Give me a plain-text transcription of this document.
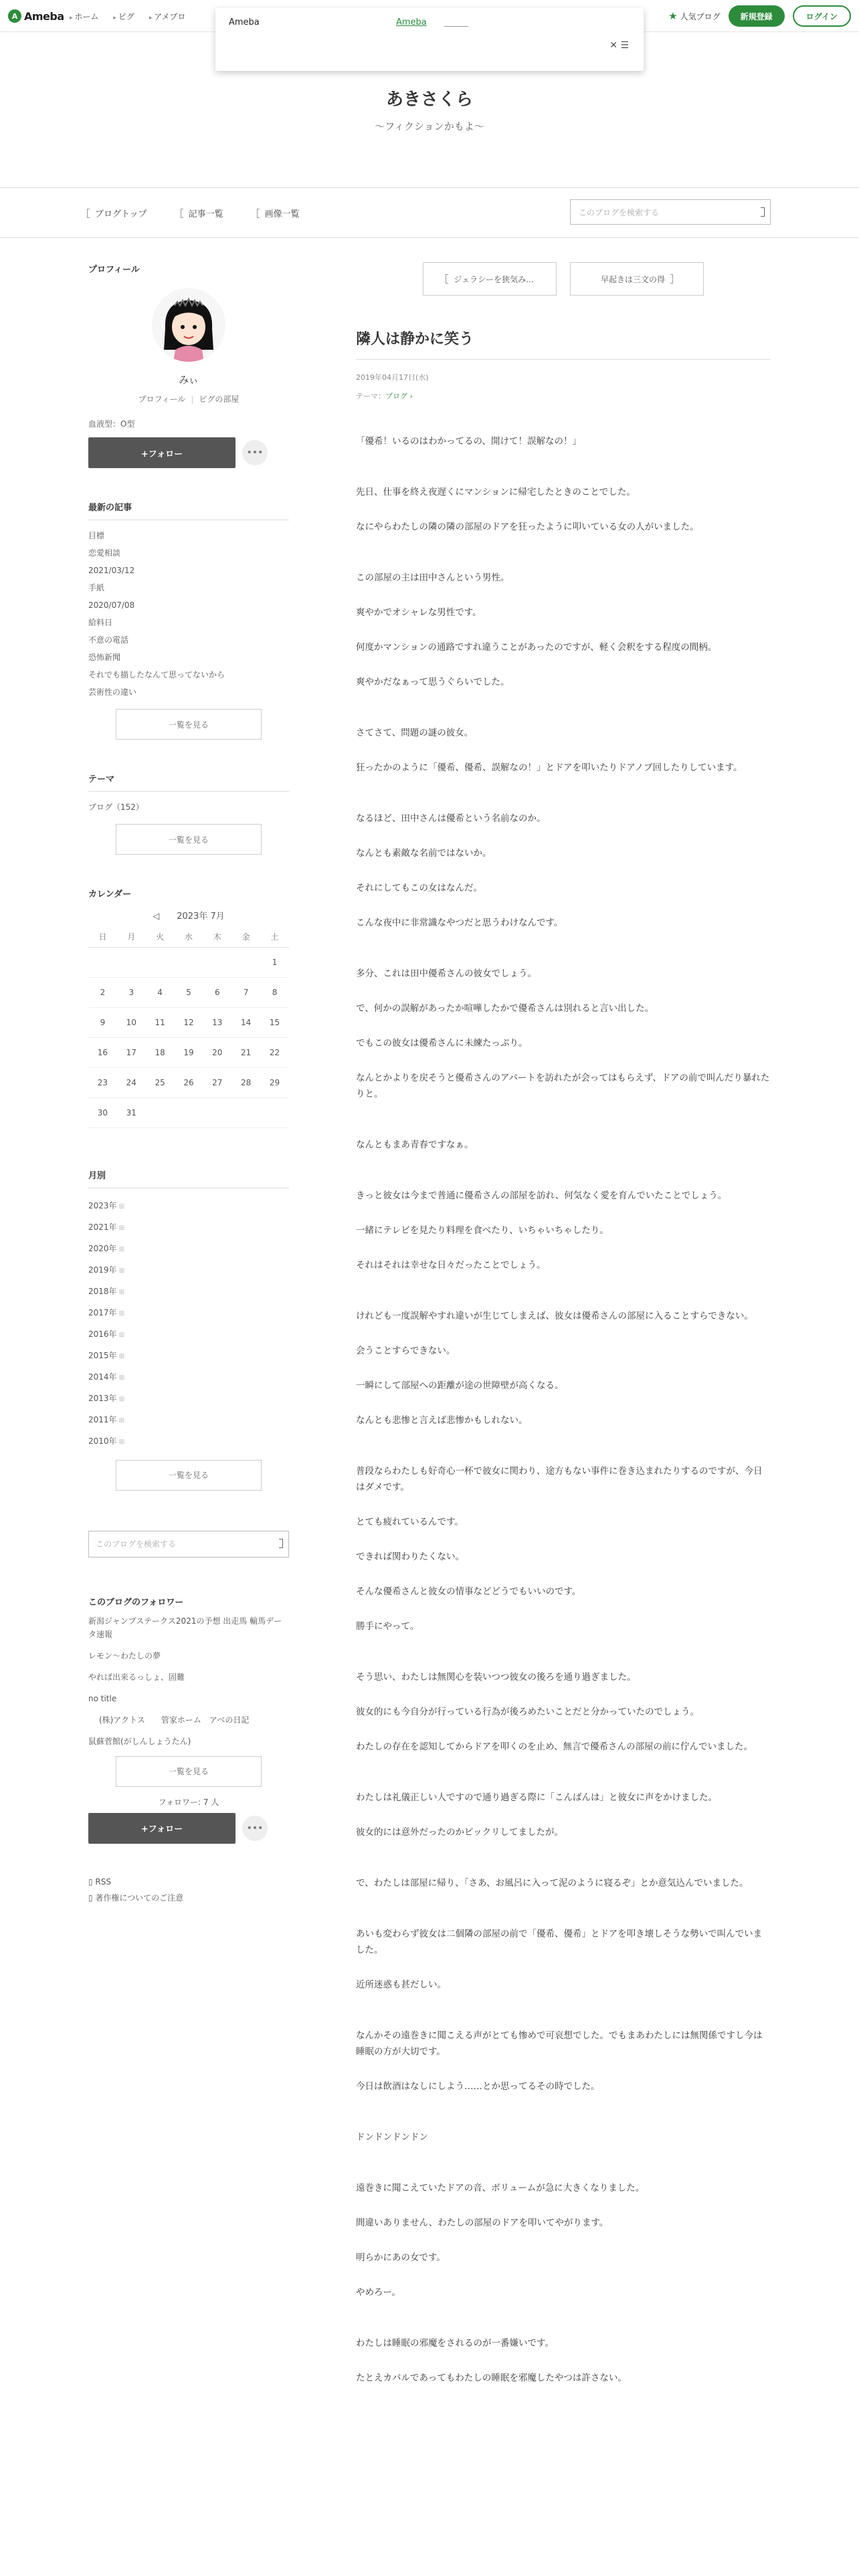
A Ameba	▸ ホーム	▸ ピグ	▸ アメブロ	★ 人気ブログ	新規登録	ログイン
Ameba	Ameba
✕ ☰
あきさくら
〜フィクションかもよ〜
ブログトップ	記事一覧	画像一覧	このブログを検索する
プロフィール
みぃ
プロフィール | ピグの部屋
血液型：O型
+フォロー	•••
最新の記事
目標
恋愛相談
2021/03/12
手紙
2020/07/08
給料日
不意の電話
恐怖新聞
それでも描したなんて思ってないから
芸術性の違い
一覧を見る
テーマ
ブログ（152）
一覧を見る
カレンダー
◁　　2023年 7月
日	月	火	水	木	金	土
						1
2	3	4	5	6	7	8
9	10	11	12	13	14	15
16	17	18	19	20	21	22
23	24	25	26	27	28	29
30	31					
月別
2023年 ⊞
2021年 ⊞
2020年 ⊞
2019年 ⊞
2018年 ⊞
2017年 ⊞
2016年 ⊞
2015年 ⊞
2014年 ⊞
2013年 ⊞
2011年 ⊞
2010年 ⊞
一覧を見る
このブログを検索する
このブログのフォロワー
新潟ジャンプステークス2021の予想 出走馬 輸馬データ速報
レモン〜わたしの夢
やれば出来るっしょ、固難
no title
(株)アクトス　　管家ホーム　アベの日記
鼠蘇菅館(がしんしょうたん)
一覧を見る
フォロワー: 7 人
+フォロー	•••
▯ RSS
▯ 著作権についてのご注意
ジェラシーを狭気み...	早起きは三文の得
隣人は静かに笑う
2019年04月17日(水)
テーマ：ブログ ›

「優希！いるのはわかってるの、開けて！誤解なの！」

先日、仕事を終え夜遅くにマンションに帰宅したときのことでした。

なにやらわたしの隣の隣の部屋のドアを狂ったように叩いている女の人がいました。

この部屋の主は田中さんという男性。

爽やかでオシャレな男性です。

何度かマンションの通路ですれ違うことがあったのですが、軽く会釈をする程度の間柄。

爽やかだなぁって思うぐらいでした。

さてさて、問題の謎の彼女。

狂ったかのように「優希、優希、誤解なの！」とドアを叩いたりドアノブ回したりしています。

なるほど、田中さんは優希という名前なのか。

なんとも素敵な名前ではないか。

それにしてもこの女はなんだ。

こんな夜中に非常識なやつだと思うわけなんです。

多分、これは田中優希さんの彼女でしょう。

で、何かの誤解があったか喧嘩したかで優希さんは別れると言い出した。

でもこの彼女は優希さんに未練たっぷり。

なんとかよりを戻そうと優希さんのアパートを訪れたが会ってはもらえず、ドアの前で叫んだり暴れたりと。

なんともまあ青春ですなぁ。

きっと彼女は今まで普通に優希さんの部屋を訪れ、何気なく愛を育んでいたことでしょう。

一緒にテレビを見たり料理を食べたり、いちゃいちゃしたり。

それはそれは幸せな日々だったことでしょう。

けれども一度誤解やすれ違いが生じてしまえば、彼女は優希さんの部屋に入ることすらできない。

会うことすらできない。

一瞬にして部屋への距離が途の世障壁が高くなる。

なんとも悲惨と言えば悲惨かもしれない。

普段ならわたしも好奇心一杯で彼女に関わり、途方もない事件に巻き込まれたりするのですが、今日はダメです。

とても疲れているんです。

できれば関わりたくない。

そんな優希さんと彼女の情事などどうでもいいのです。

勝手にやって。

そう思い、わたしは無関心を装いつつ彼女の後ろを通り過ぎました。

彼女的にも今自分が行っている行為が後ろめたいことだと分かっていたのでしょう。

わたしの存在を認知してからドアを叩くのを止め、無言で優希さんの部屋の前に佇んでいました。

わたしは礼儀正しい人ですので通り過ぎる際に「こんばんは」と彼女に声をかけました。

彼女的には意外だったのかビックリしてましたが。

で、わたしは部屋に帰り、「さあ、お風呂に入って泥のように寝るぞ」とか意気込んでいました。

あいも変わらず彼女は二個隣の部屋の前で「優希、優希」とドアを叩き壊しそうな勢いで叫んでいました。

近所迷惑も甚だしい。

なんかその遠巻きに聞こえる声がとても惨めで可哀想でした。でもまあわたしには無関係ですし今は睡眠の方が大切です。

今日は飲酒はなしにしよう……とか思ってるその時でした。

ドンドンドンドン

遠巻きに聞こえていたドアの音、ボリュームが急に大きくなりました。

間違いありません、わたしの部屋のドアを叩いてやがります。

明らかにあの女です。

やめろー。

わたしは睡眠の邪魔をされるのが一番嫌いです。

たとえカバルであってもわたしの睡眠を邪魔したやつは許さない。
